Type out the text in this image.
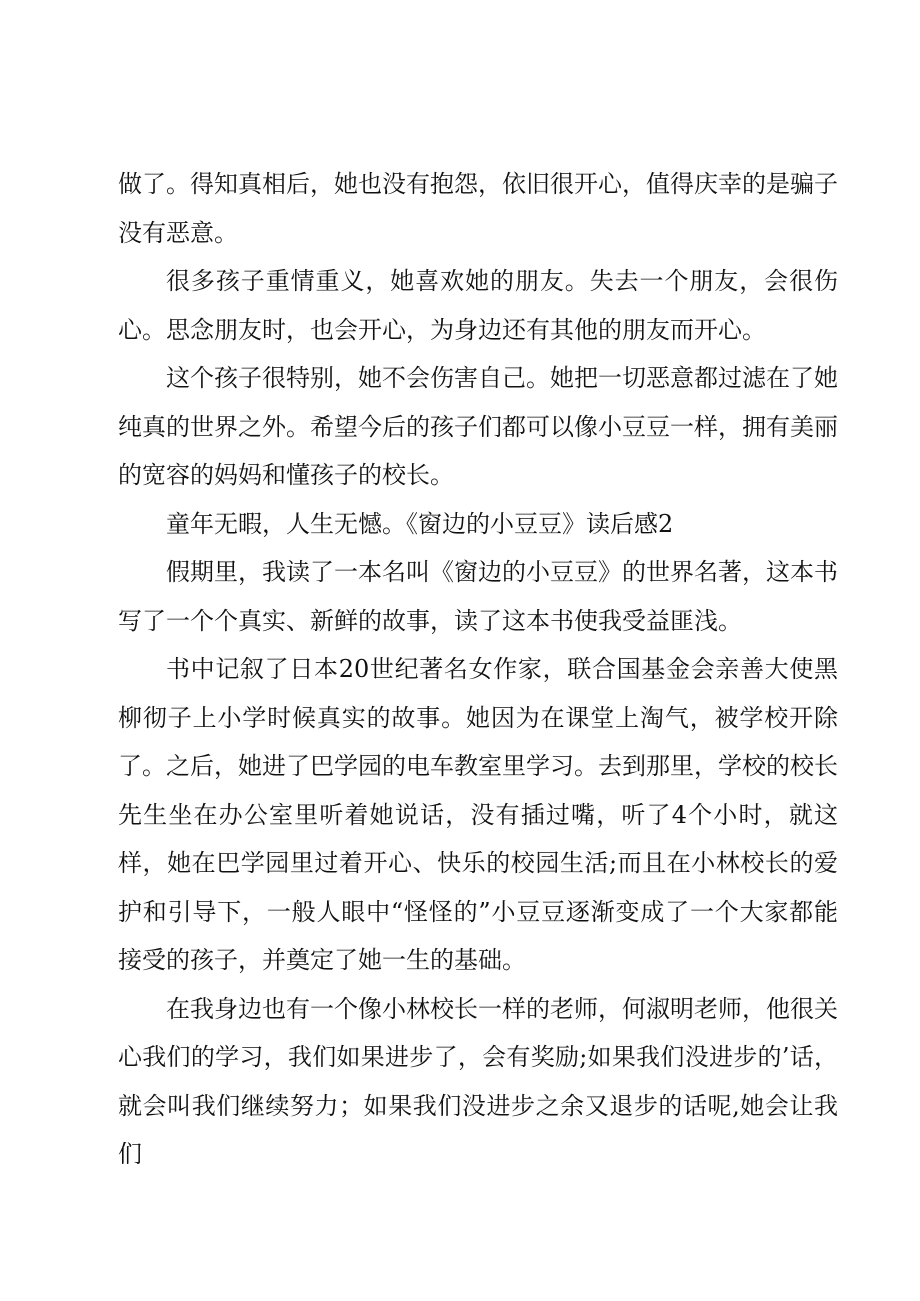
做了。得知真相后，她也没有抱怨，依旧很开心，值得庆幸的是骗子没有恶意。

很多孩子重情重义，她喜欢她的朋友。失去一个朋友，会很伤心。思念朋友时，也会开心，为身边还有其他的朋友而开心。

这个孩子很特别，她不会伤害自己。她把一切恶意都过滤在了她纯真的世界之外。希望今后的孩子们都可以像小豆豆一样，拥有美丽的宽容的妈妈和懂孩子的校长。

童年无暇，人生无憾。《窗边的小豆豆》读后感2

假期里，我读了一本名叫《窗边的小豆豆》的世界名著，这本书写了一个个真实、新鲜的故事，读了这本书使我受益匪浅。

书中记叙了日本20世纪著名女作家，联合国基金会亲善大使黑柳彻子上小学时候真实的故事。她因为在课堂上淘气，被学校开除了。之后，她进了巴学园的电车教室里学习。去到那里，学校的校长先生坐在办公室里听着她说话，没有插过嘴，听了4个小时，就这样，她在巴学园里过着开心、快乐的校园生活;而且在小林校长的爱护和引导下，一般人眼中“怪怪的”小豆豆逐渐变成了一个大家都能接受的孩子，并奠定了她一生的基础。

在我身边也有一个像小林校长一样的老师，何淑明老师，他很关心我们的学习，我们如果进步了，会有奖励;如果我们没进步的’话，就会叫我们继续努力；如果我们没进步之余又退步的话呢,她会让我们
